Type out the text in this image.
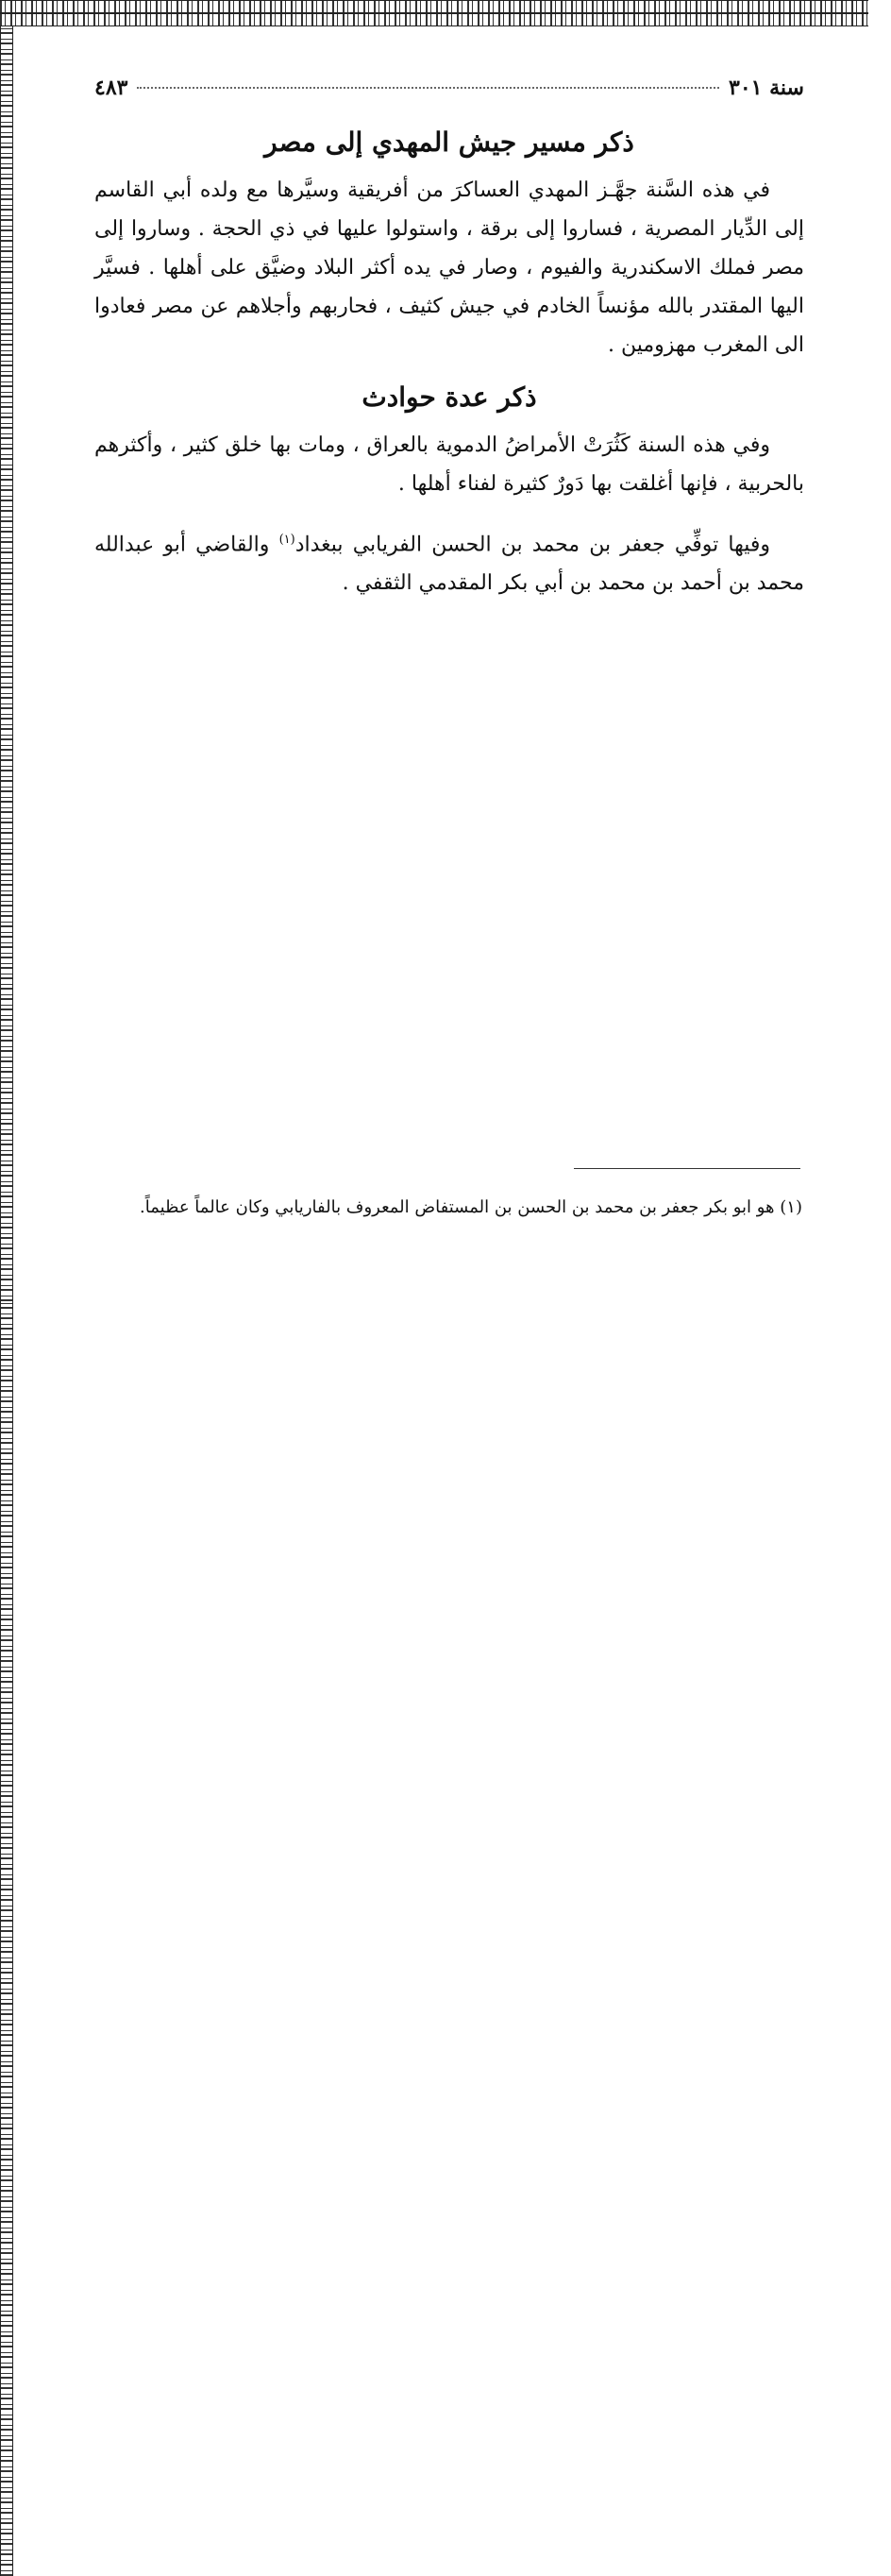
سنة ٣٠١
٤٨٣
ذكر مسير جيش المهدي إلى مصر

في هذه السَّنة جهَّـز المهدي العساكرَ من أفريقية وسيَّرها مع ولده أبي القاسم إلى الدِّيار المصرية ، فساروا إلى برقة ، واستولوا عليها في ذي الحجة . وساروا إلى مصر فملك الاسكندرية والفيوم ، وصار في يده أكثر البلاد وضيَّق على أهلها . فسيَّر اليها المقتدر بالله مؤنساً الخادم في جيش كثيف ، فحاربهم وأجلاهم عن مصر فعادوا الى المغرب مهزومين .

ذكر عدة حوادث

وفي هذه السنة كَثُرَتْ الأمراضُ الدموية بالعراق ، ومات بها خلق كثير ، وأكثرهم بالحربية ، فإنها أغلقت بها دَورٌ كثيرة لفناء أهلها .

وفيها توفِّي جعفر بن محمد بن الحسن الفريابي ببغداد$^{(١)}$ والقاضي أبو عبدالله محمد بن أحمد بن محمد بن أبي بكر المقدمي الثقفي .

(١) هو ابو بكر جعفر بن محمد بن الحسن بن المستفاض المعروف بالفاريابي وكان عالماً عظيماً.
